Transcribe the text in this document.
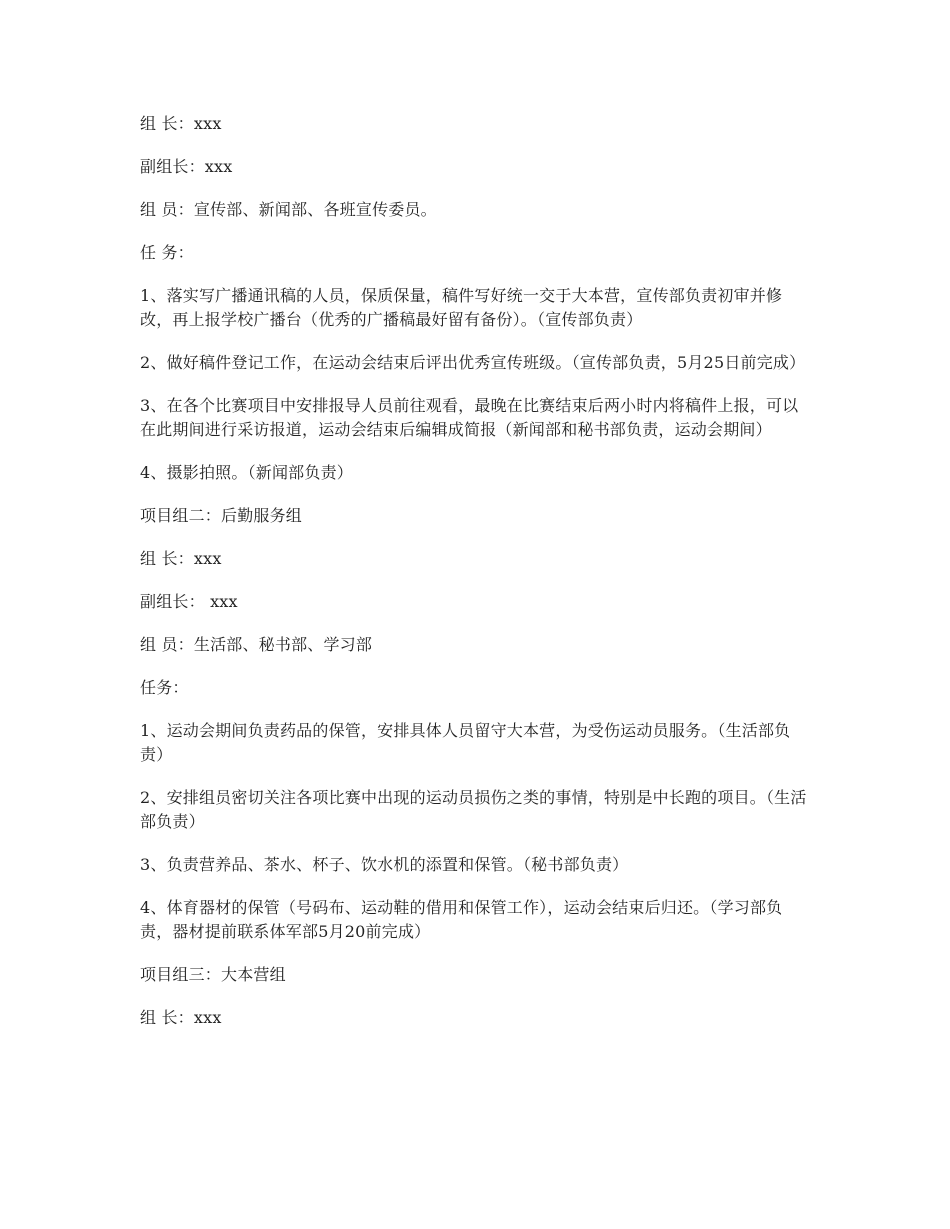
组 长：xxx

副组长：xxx

组 员：宣传部、新闻部、各班宣传委员。

任 务：

1、落实写广播通讯稿的人员，保质保量，稿件写好统一交于大本营，宣传部负责初审并修改，再上报学校广播台（优秀的广播稿最好留有备份）。（宣传部负责）

2、做好稿件登记工作，在运动会结束后评出优秀宣传班级。（宣传部负责，5月25日前完成）

3、在各个比赛项目中安排报导人员前往观看，最晚在比赛结束后两小时内将稿件上报，可以在此期间进行采访报道，运动会结束后编辑成简报（新闻部和秘书部负责，运动会期间）

4、摄影拍照。（新闻部负责）

项目组二：后勤服务组

组 长：xxx

副组长： xxx

组 员：生活部、秘书部、学习部

任务：

1、运动会期间负责药品的保管，安排具体人员留守大本营，为受伤运动员服务。（生活部负责）

2、安排组员密切关注各项比赛中出现的运动员损伤之类的事情，特别是中长跑的项目。（生活部负责）

3、负责营养品、茶水、杯子、饮水机的添置和保管。（秘书部负责）

4、体育器材的保管（号码布、运动鞋的借用和保管工作），运动会结束后归还。（学习部负责，器材提前联系体军部5月20前完成）

项目组三：大本营组

组 长：xxx
